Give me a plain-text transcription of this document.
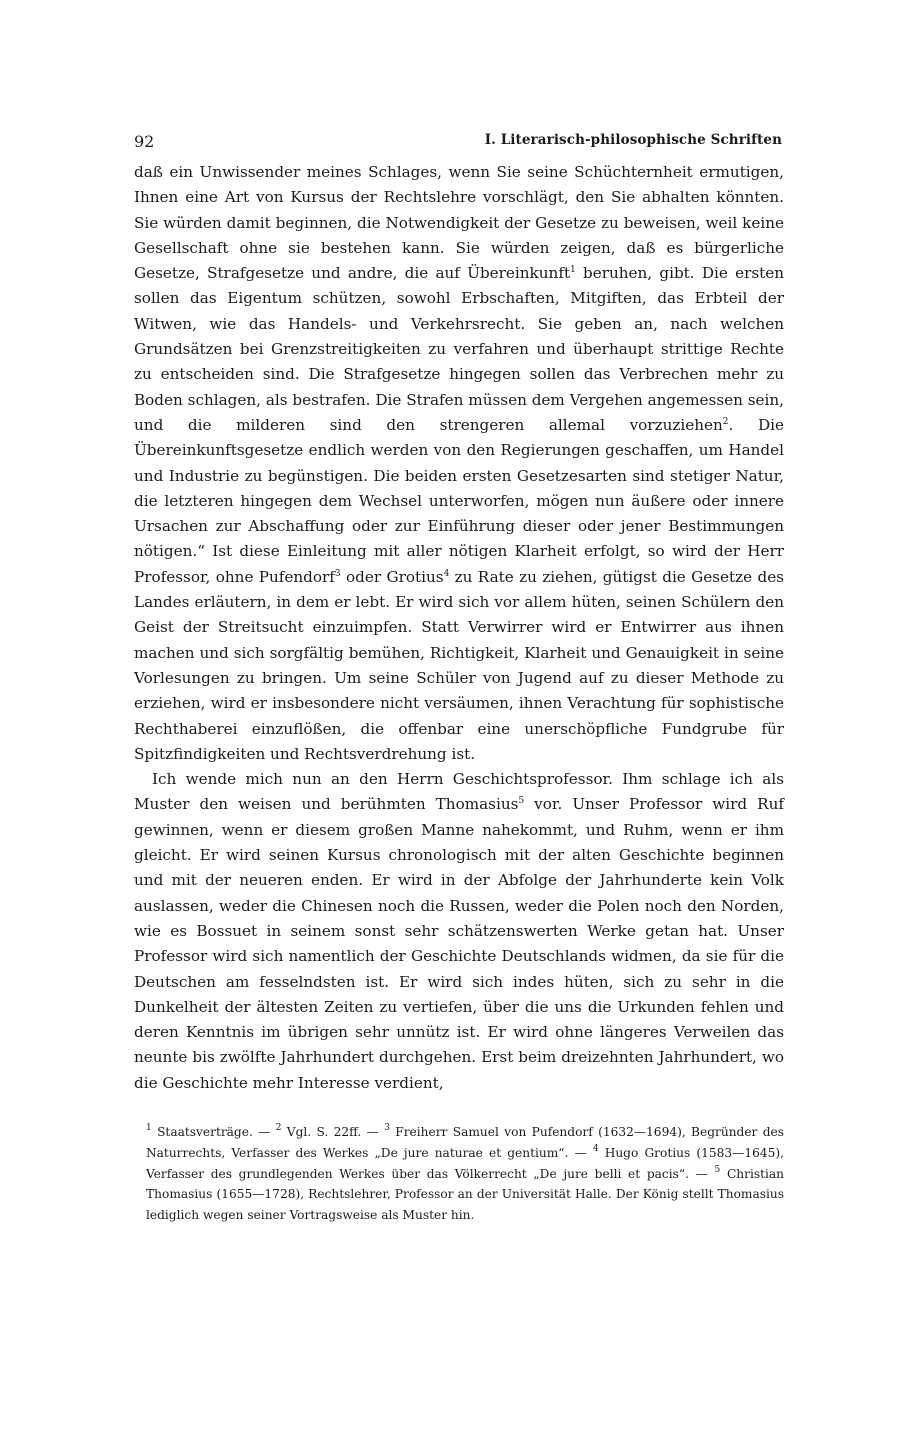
92	I. Literarisch-philosophische Schriften

daß ein Unwissender meines Schlages, wenn Sie seine Schüchternheit ermutigen, Ihnen eine Art von Kursus der Rechtslehre vorschlägt, den Sie abhalten könnten. Sie würden damit beginnen, die Notwendigkeit der Gesetze zu beweisen, weil keine Gesellschaft ohne sie bestehen kann. Sie würden zeigen, daß es bürgerliche Gesetze, Strafgesetze und andre, die auf Übereinkunft$^1$ beruhen, gibt. Die ersten sollen das Eigentum schützen, sowohl Erbschaften, Mitgiften, das Erbteil der Witwen, wie das Handels- und Verkehrsrecht. Sie geben an, nach welchen Grundsätzen bei Grenzstreitigkeiten zu verfahren und überhaupt strittige Rechte zu entscheiden sind. Die Strafgesetze hingegen sollen das Verbrechen mehr zu Boden schlagen, als bestrafen. Die Strafen müssen dem Vergehen angemessen sein, und die milderen sind den strengeren allemal vorzuziehen$^2$. Die Übereinkunftsgesetze endlich werden von den Regierungen geschaffen, um Handel und Industrie zu begünstigen. Die beiden ersten Gesetzesarten sind stetiger Natur, die letzteren hingegen dem Wechsel unterworfen, mögen nun äußere oder innere Ursachen zur Abschaffung oder zur Einführung dieser oder jener Bestimmungen nötigen.“ Ist diese Einleitung mit aller nötigen Klarheit erfolgt, so wird der Herr Professor, ohne Pufendorf$^3$ oder Grotius$^4$ zu Rate zu ziehen, gütigst die Gesetze des Landes erläutern, in dem er lebt. Er wird sich vor allem hüten, seinen Schülern den Geist der Streitsucht einzuimpfen. Statt Verwirrer wird er Entwirrer aus ihnen machen und sich sorgfältig bemühen, Richtigkeit, Klarheit und Genauigkeit in seine Vorlesungen zu bringen. Um seine Schüler von Jugend auf zu dieser Methode zu erziehen, wird er insbesondere nicht versäumen, ihnen Verachtung für sophistische Rechthaberei einzuflößen, die offenbar eine unerschöpfliche Fundgrube für Spitzfindigkeiten und Rechtsverdrehung ist.

Ich wende mich nun an den Herrn Geschichtsprofessor. Ihm schlage ich als Muster den weisen und berühmten Thomasius$^5$ vor. Unser Professor wird Ruf gewinnen, wenn er diesem großen Manne nahekommt, und Ruhm, wenn er ihm gleicht. Er wird seinen Kursus chronologisch mit der alten Geschichte beginnen und mit der neueren enden. Er wird in der Abfolge der Jahrhunderte kein Volk auslassen, weder die Chinesen noch die Russen, weder die Polen noch den Norden, wie es Bossuet in seinem sonst sehr schätzenswerten Werke getan hat. Unser Professor wird sich namentlich der Geschichte Deutschlands widmen, da sie für die Deutschen am fesselndsten ist. Er wird sich indes hüten, sich zu sehr in die Dunkelheit der ältesten Zeiten zu vertiefen, über die uns die Urkunden fehlen und deren Kenntnis im übrigen sehr unnütz ist. Er wird ohne längeres Verweilen das neunte bis zwölfte Jahrhundert durchgehen. Erst beim dreizehnten Jahrhundert, wo die Geschichte mehr Interesse verdient,

$^1$ Staatsverträge. — $^2$ Vgl. S. 22ff. — $^3$ Freiherr Samuel von Pufendorf (1632—1694), Begründer des Naturrechts, Verfasser des Werkes „De jure naturae et gentium“. — $^4$ Hugo Grotius (1583—1645), Verfasser des grundlegenden Werkes über das Völkerrecht „De jure belli et pacis“. — $^5$ Christian Thomasius (1655—1728), Rechtslehrer, Professor an der Universität Halle. Der König stellt Thomasius lediglich wegen seiner Vortragsweise als Muster hin.
